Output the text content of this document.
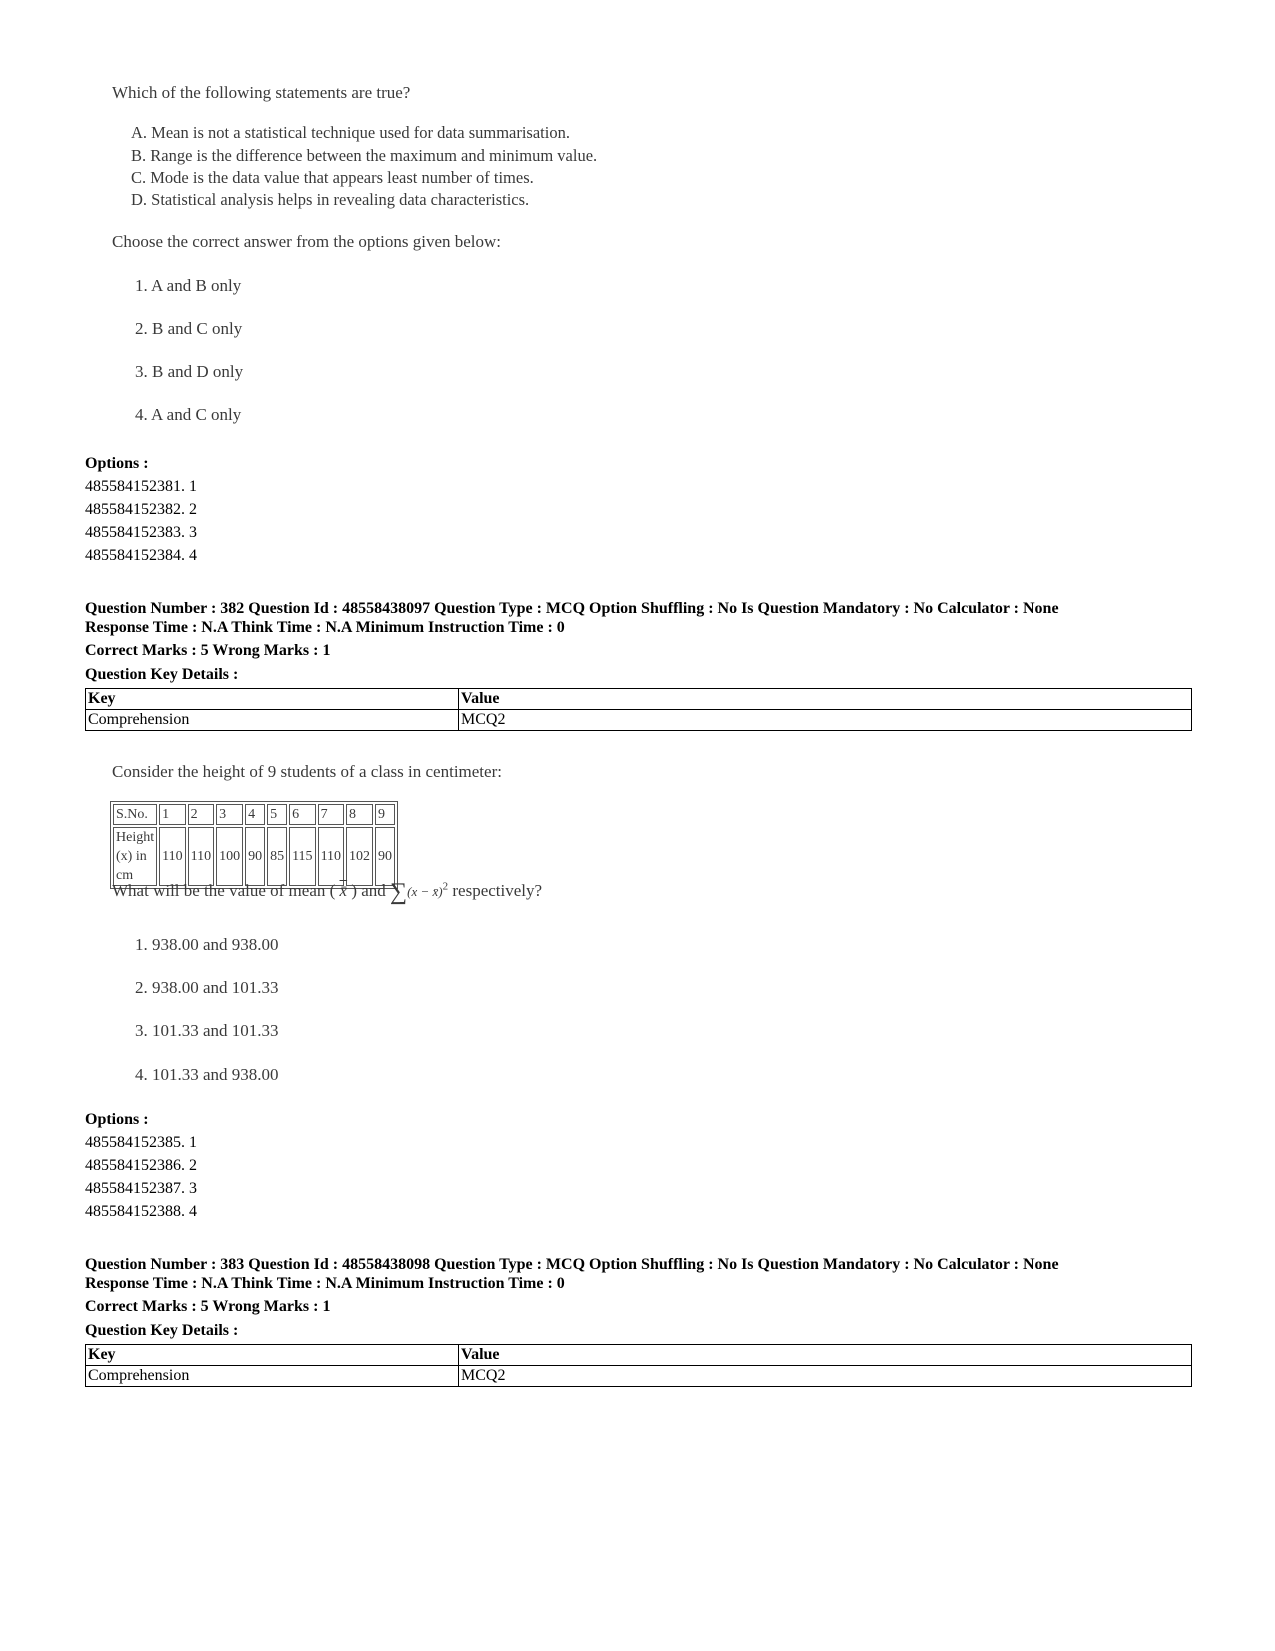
Which of the following statements are true?
A. Mean is not a statistical technique used for data summarisation.
B. Range is the difference between the maximum and minimum value.
C. Mode is the data value that appears least number of times.
D. Statistical analysis helps in revealing data characteristics.
Choose the correct answer from the options given below:
1. A and B only
2. B and C only
3. B and D only
4. A and C only
Options :
485584152381. 1
485584152382. 2
485584152383. 3
485584152384. 4
Question Number : 382 Question Id : 48558438097 Question Type : MCQ Option Shuffling : No Is Question Mandatory : No Calculator : None
Response Time : N.A Think Time : N.A Minimum Instruction Time : 0
Correct Marks : 5 Wrong Marks : 1
Question Key Details :
Key	Value
Comprehension	MCQ2
Consider the height of 9 students of a class in centimeter:
S.No.	1	2	3	4	5	6	7	8	9
Height (x) in cm	110	110	100	90	85	115	110	102	90
What will be the value of mean ( x̄ ) and ∑(x − x̄)$^2$ respectively?
1. 938.00 and 938.00
2. 938.00 and 101.33
3. 101.33 and 101.33
4. 101.33 and 938.00
Options :
485584152385. 1
485584152386. 2
485584152387. 3
485584152388. 4
Question Number : 383 Question Id : 48558438098 Question Type : MCQ Option Shuffling : No Is Question Mandatory : No Calculator : None
Response Time : N.A Think Time : N.A Minimum Instruction Time : 0
Correct Marks : 5 Wrong Marks : 1
Question Key Details :
Key	Value
Comprehension	MCQ2
